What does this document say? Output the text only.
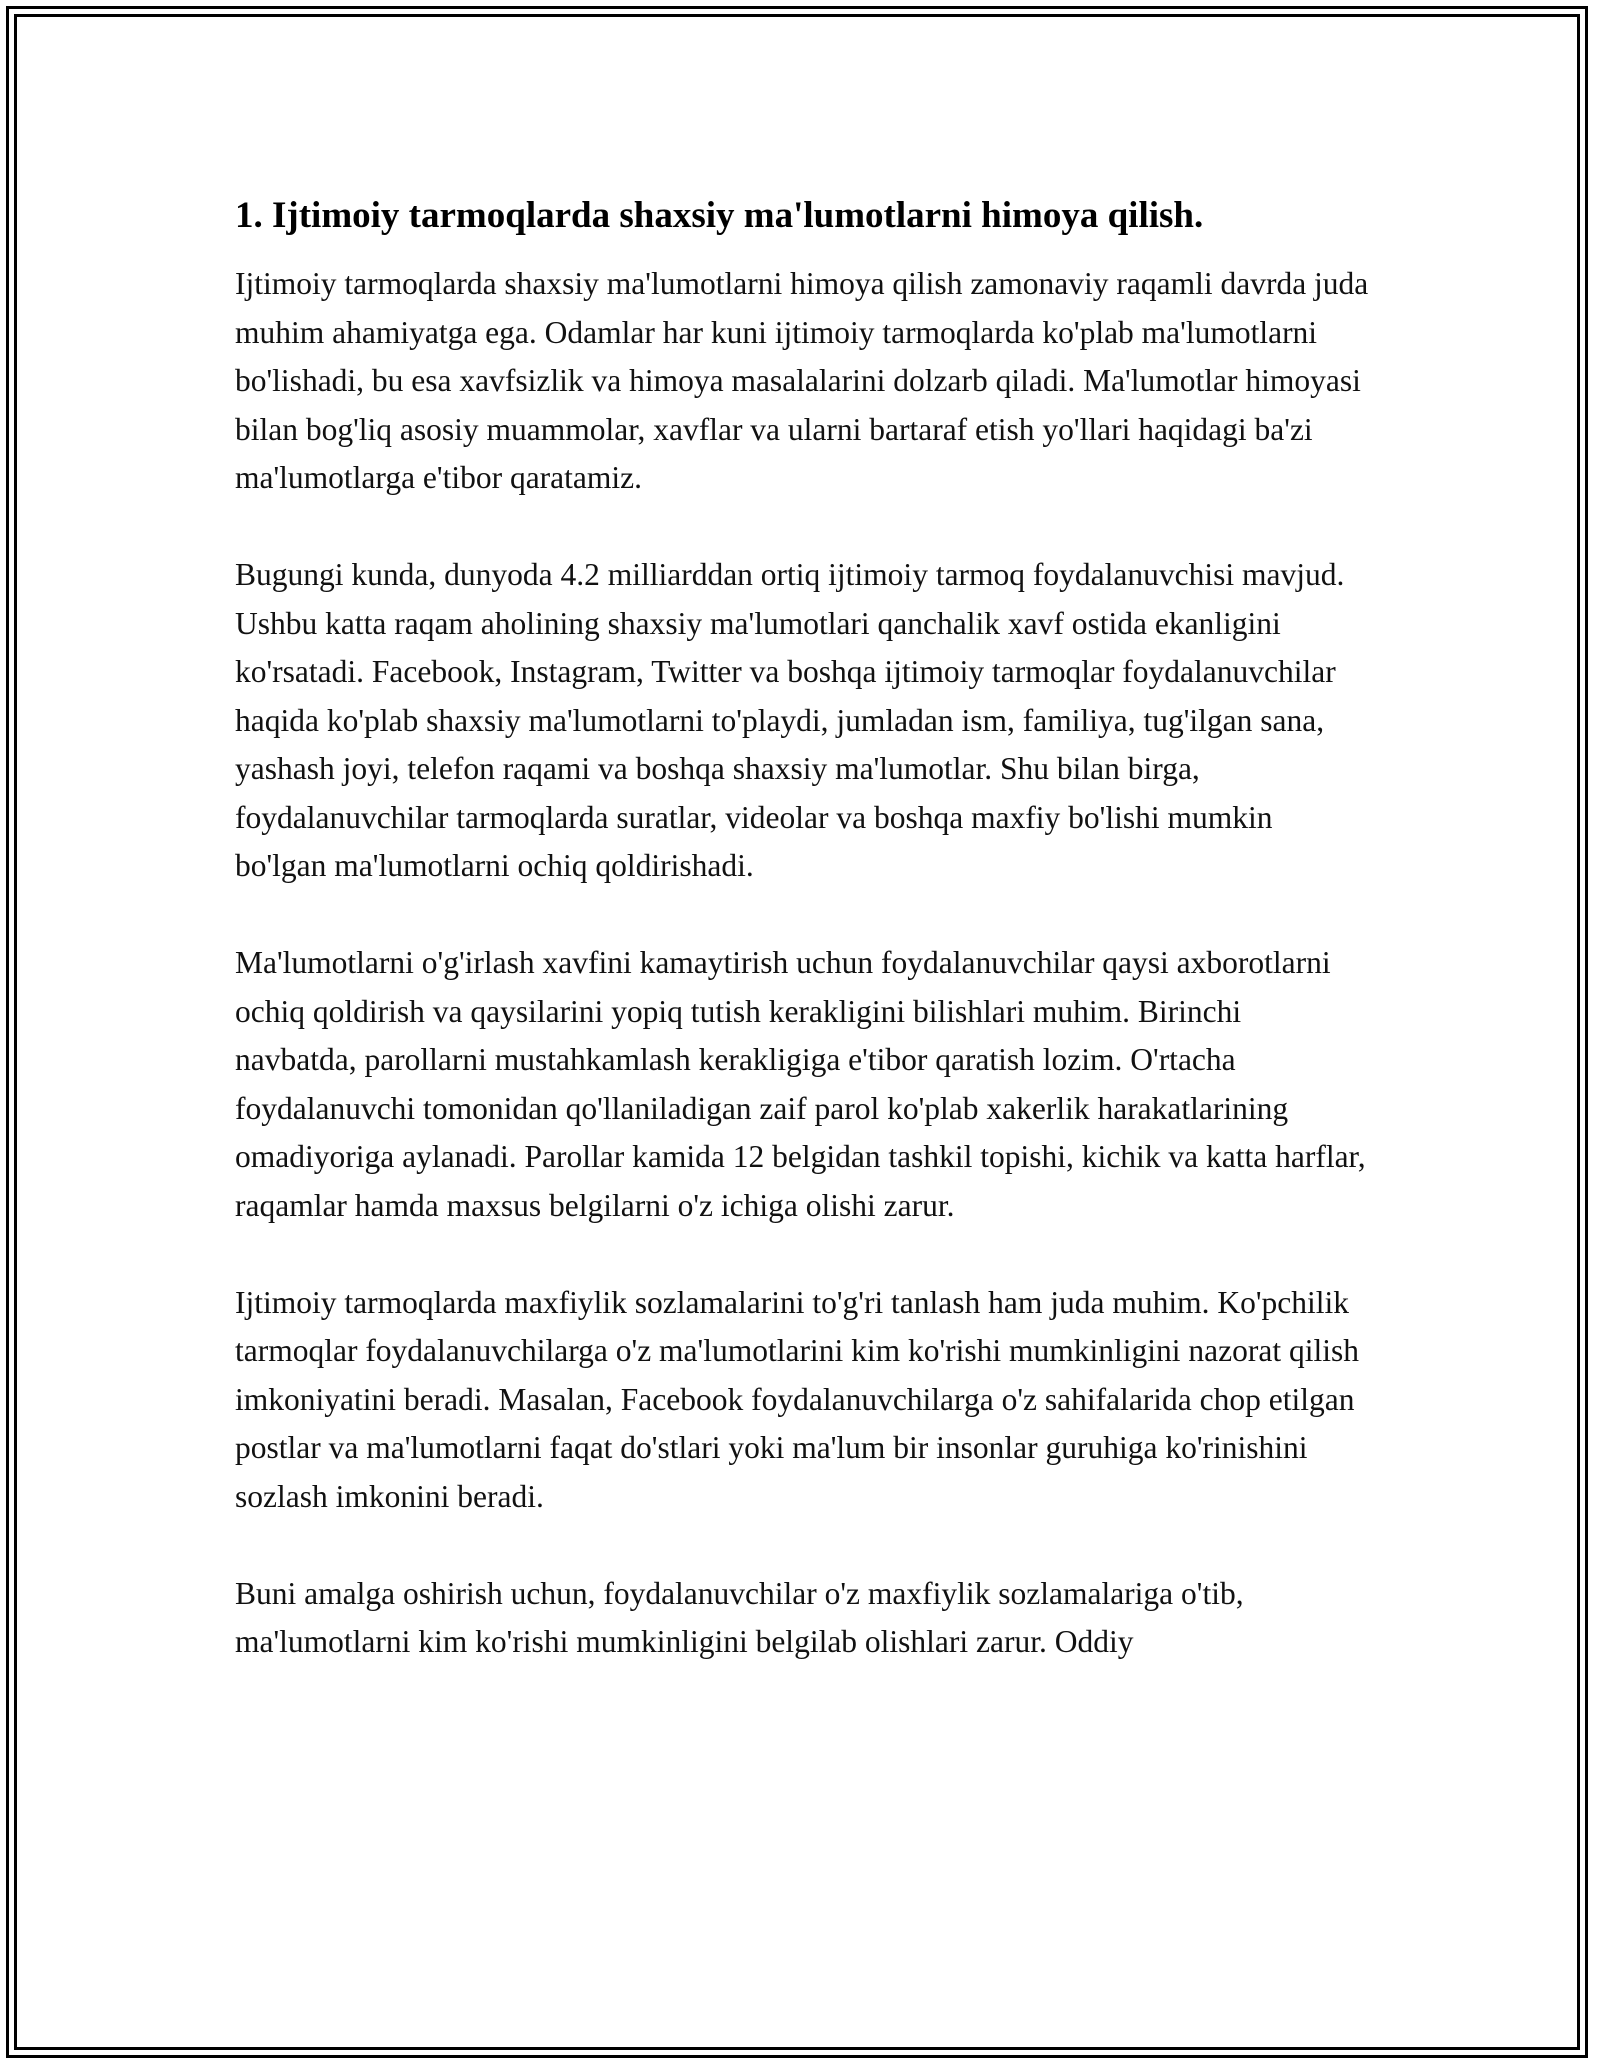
1. Ijtimoiy tarmoqlarda shaxsiy ma'lumotlarni himoya qilish.

Ijtimoiy tarmoqlarda shaxsiy ma'lumotlarni himoya qilish zamonaviy raqamli davrda juda muhim ahamiyatga ega. Odamlar har kuni ijtimoiy tarmoqlarda ko'plab ma'lumotlarni bo'lishadi, bu esa xavfsizlik va himoya masalalarini dolzarb qiladi. Ma'lumotlar himoyasi bilan bog'liq asosiy muammolar, xavflar va ularni bartaraf etish yo'llari haqidagi ba'zi ma'lumotlarga e'tibor qaratamiz.

Bugungi kunda, dunyoda 4.2 milliarddan ortiq ijtimoiy tarmoq foydalanuvchisi mavjud. Ushbu katta raqam aholining shaxsiy ma'lumotlari qanchalik xavf ostida ekanligini ko'rsatadi. Facebook, Instagram, Twitter va boshqa ijtimoiy tarmoqlar foydalanuvchilar haqida ko'plab shaxsiy ma'lumotlarni to'playdi, jumladan ism, familiya, tug'ilgan sana, yashash joyi, telefon raqami va boshqa shaxsiy ma'lumotlar. Shu bilan birga, foydalanuvchilar tarmoqlarda suratlar, videolar va boshqa maxfiy bo'lishi mumkin bo'lgan ma'lumotlarni ochiq qoldirishadi.

Ma'lumotlarni o'g'irlash xavfini kamaytirish uchun foydalanuvchilar qaysi axborotlarni ochiq qoldirish va qaysilarini yopiq tutish kerakligini bilishlari muhim. Birinchi navbatda, parollarni mustahkamlash kerakligiga e'tibor qaratish lozim. O'rtacha foydalanuvchi tomonidan qo'llaniladigan zaif parol ko'plab xakerlik harakatlarining omadiyoriga aylanadi. Parollar kamida 12 belgidan tashkil topishi, kichik va katta harflar, raqamlar hamda maxsus belgilarni o'z ichiga olishi zarur.

Ijtimoiy tarmoqlarda maxfiylik sozlamalarini to'g'ri tanlash ham juda muhim. Ko'pchilik tarmoqlar foydalanuvchilarga o'z ma'lumotlarini kim ko'rishi mumkinligini nazorat qilish imkoniyatini beradi. Masalan, Facebook foydalanuvchilarga o'z sahifalarida chop etilgan postlar va ma'lumotlarni faqat do'stlari yoki ma'lum bir insonlar guruhiga ko'rinishini sozlash imkonini beradi.

Buni amalga oshirish uchun, foydalanuvchilar o'z maxfiylik sozlamalariga o'tib, ma'lumotlarni kim ko'rishi mumkinligini belgilab olishlari zarur. Oddiy
